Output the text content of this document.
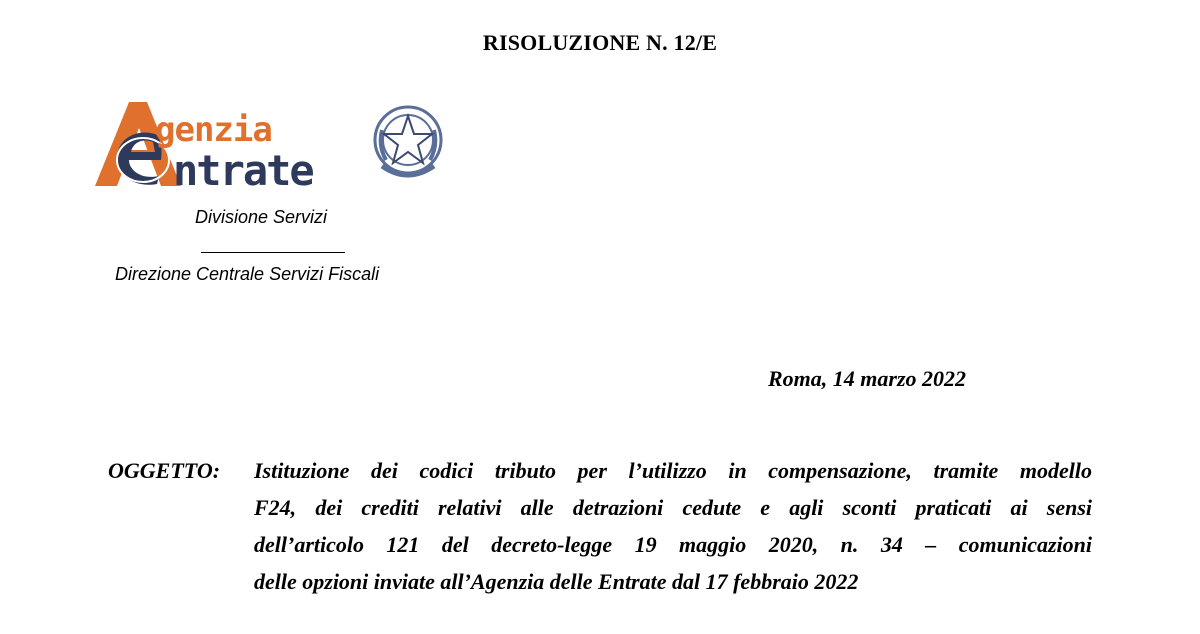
RISOLUZIONE N. 12/E
genzia
ntrate
Divisione Servizi
Direzione Centrale Servizi Fiscali
Roma, 14 marzo 2022
OGGETTO: Istituzione dei codici tributo per l’utilizzo in compensazione, tramite modello
F24, dei crediti relativi alle detrazioni cedute e agli sconti praticati ai sensi
dell’articolo 121 del decreto-legge 19 maggio 2020, n. 34 – comunicazioni
delle opzioni inviate all’Agenzia delle Entrate dal 17 febbraio 2022
